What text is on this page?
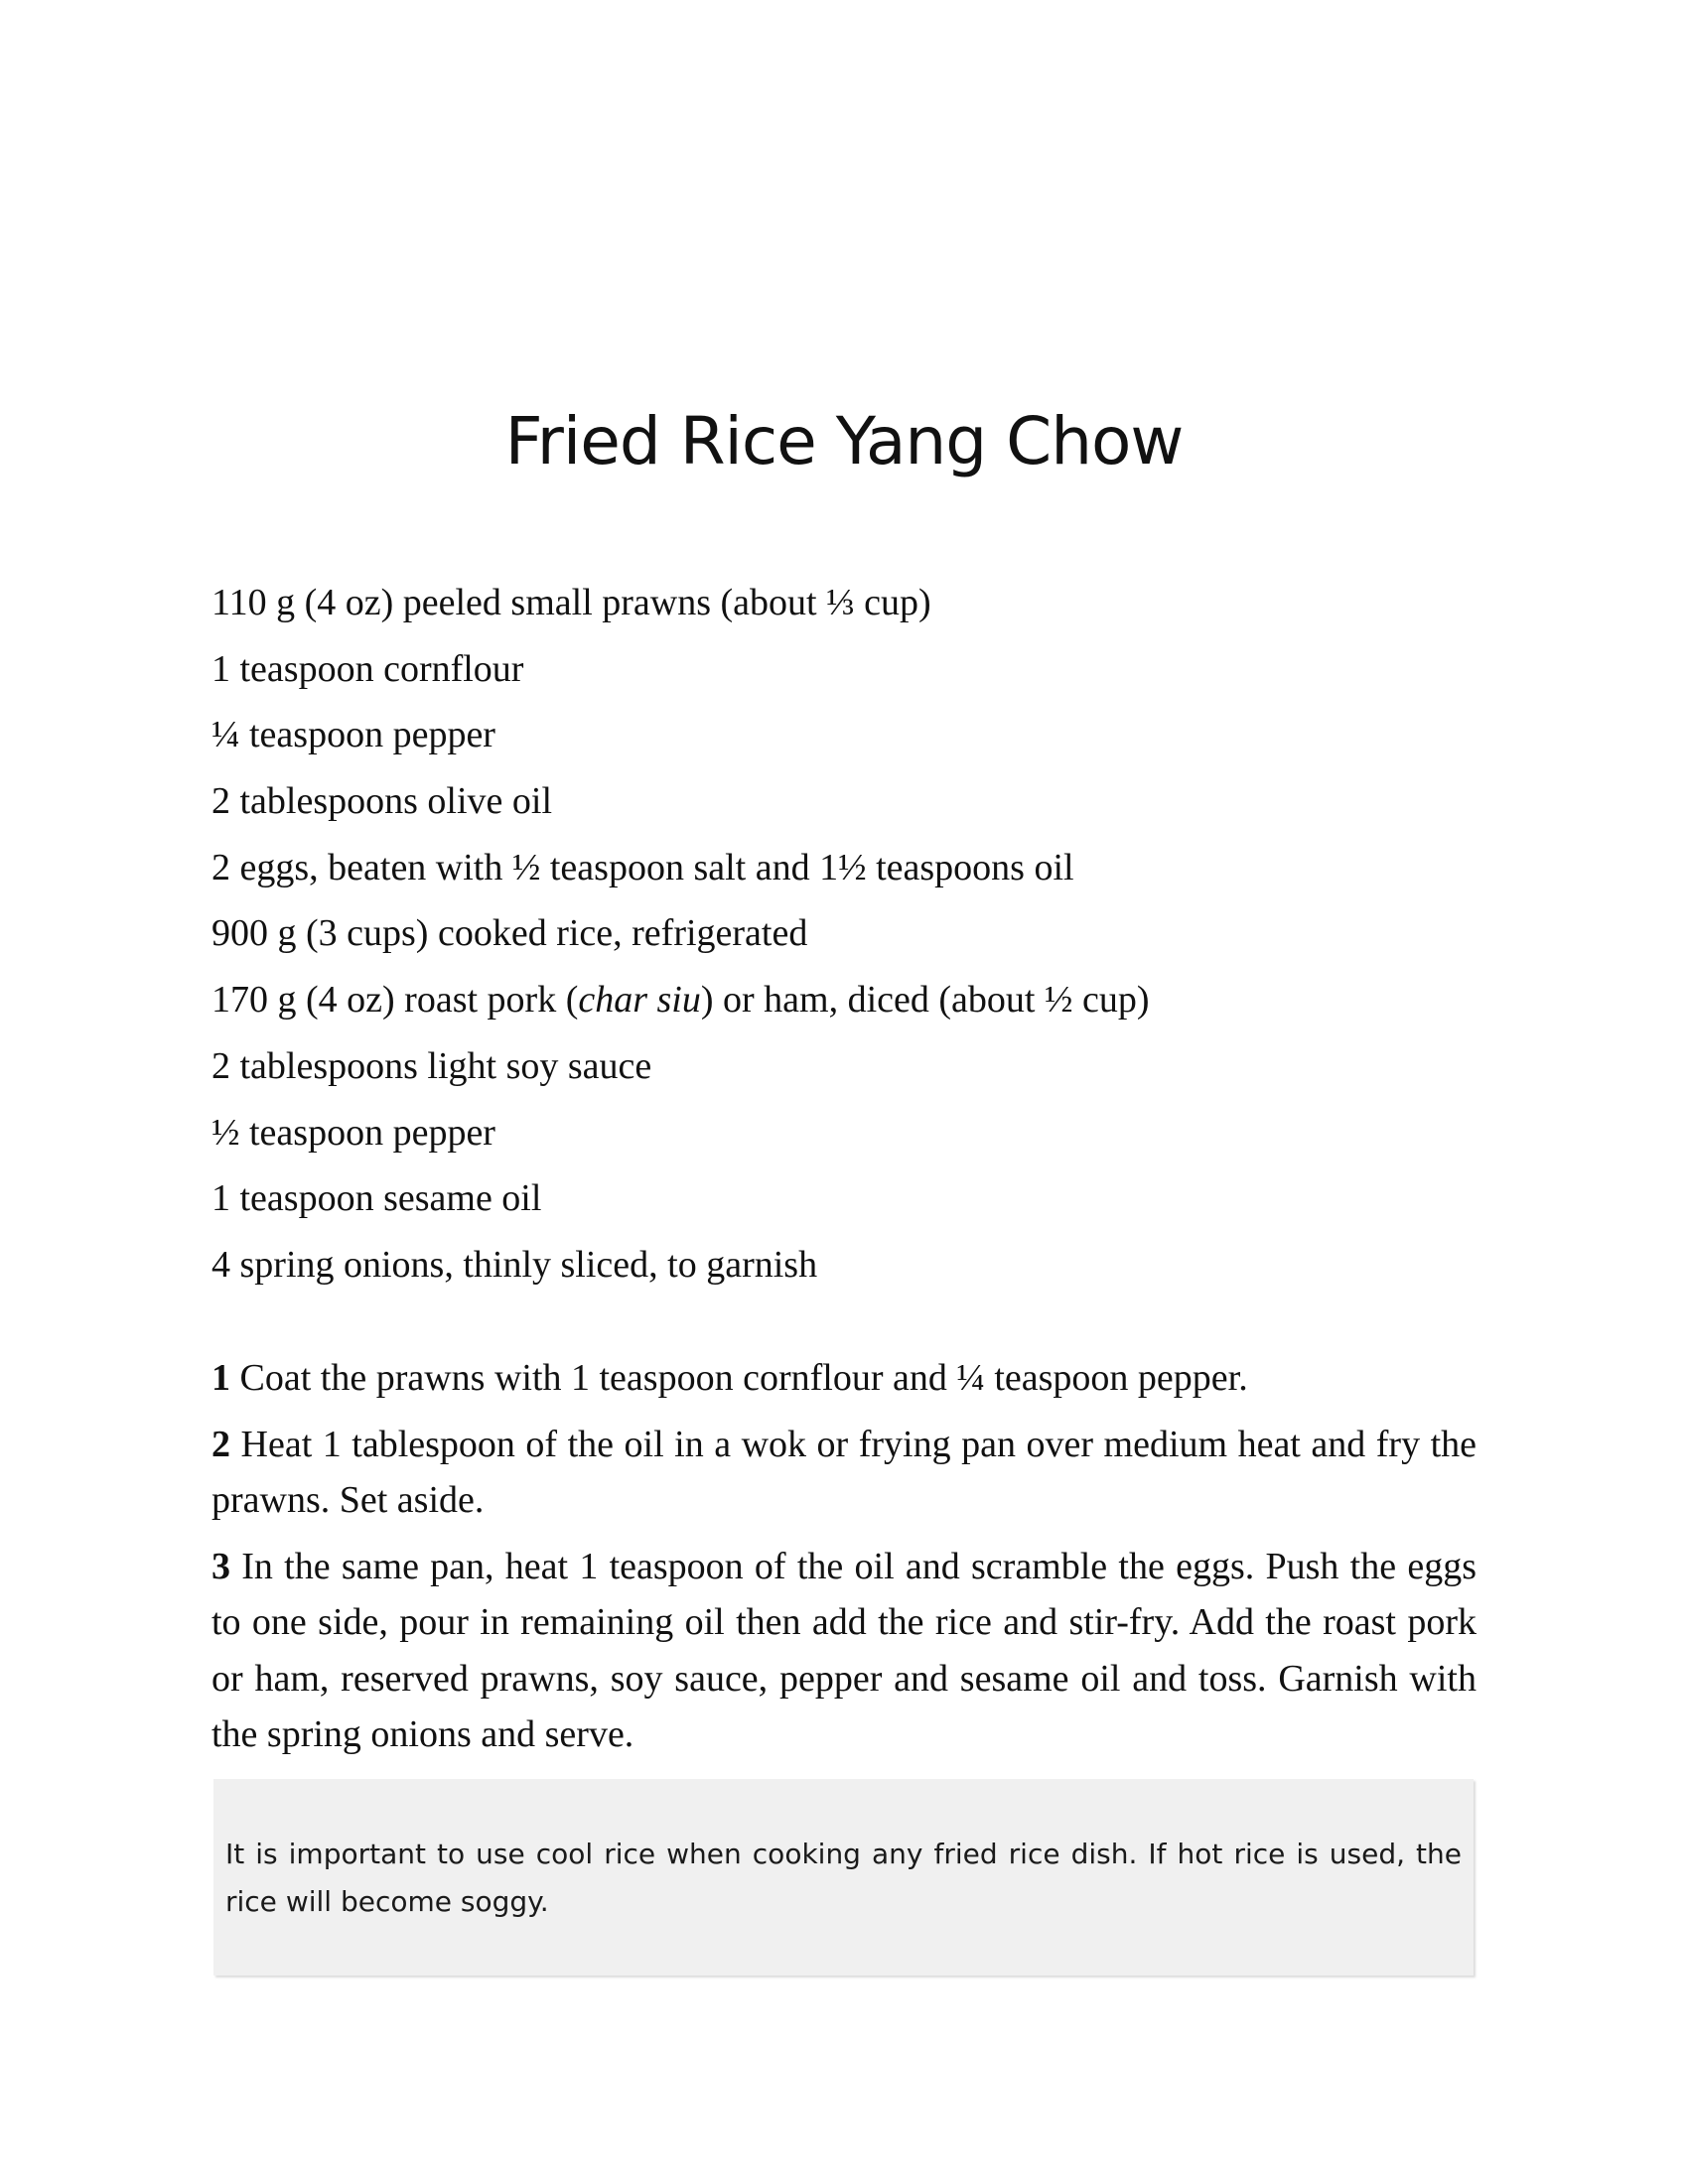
Fried Rice Yang Chow
110 g (4 oz) peeled small prawns (about ⅓ cup)
1 teaspoon cornflour
¼ teaspoon pepper
2 tablespoons olive oil
2 eggs, beaten with ½ teaspoon salt and 1½ teaspoons oil
900 g (3 cups) cooked rice, refrigerated
170 g (4 oz) roast pork (char siu) or ham, diced (about ½ cup)
2 tablespoons light soy sauce
½ teaspoon pepper
1 teaspoon sesame oil
4 spring onions, thinly sliced, to garnish

1 Coat the prawns with 1 teaspoon cornflour and ¼ teaspoon pepper.

2 Heat 1 tablespoon of the oil in a wok or frying pan over medium heat and fry the prawns. Set aside.

3 In the same pan, heat 1 teaspoon of the oil and scramble the eggs. Push the eggs to one side, pour in remaining oil then add the rice and stir-fry. Add the roast pork or ham, reserved prawns, soy sauce, pepper and sesame oil and toss. Garnish with the spring onions and serve.

It is important to use cool rice when cooking any fried rice dish. If hot rice is used, the rice will become soggy.
